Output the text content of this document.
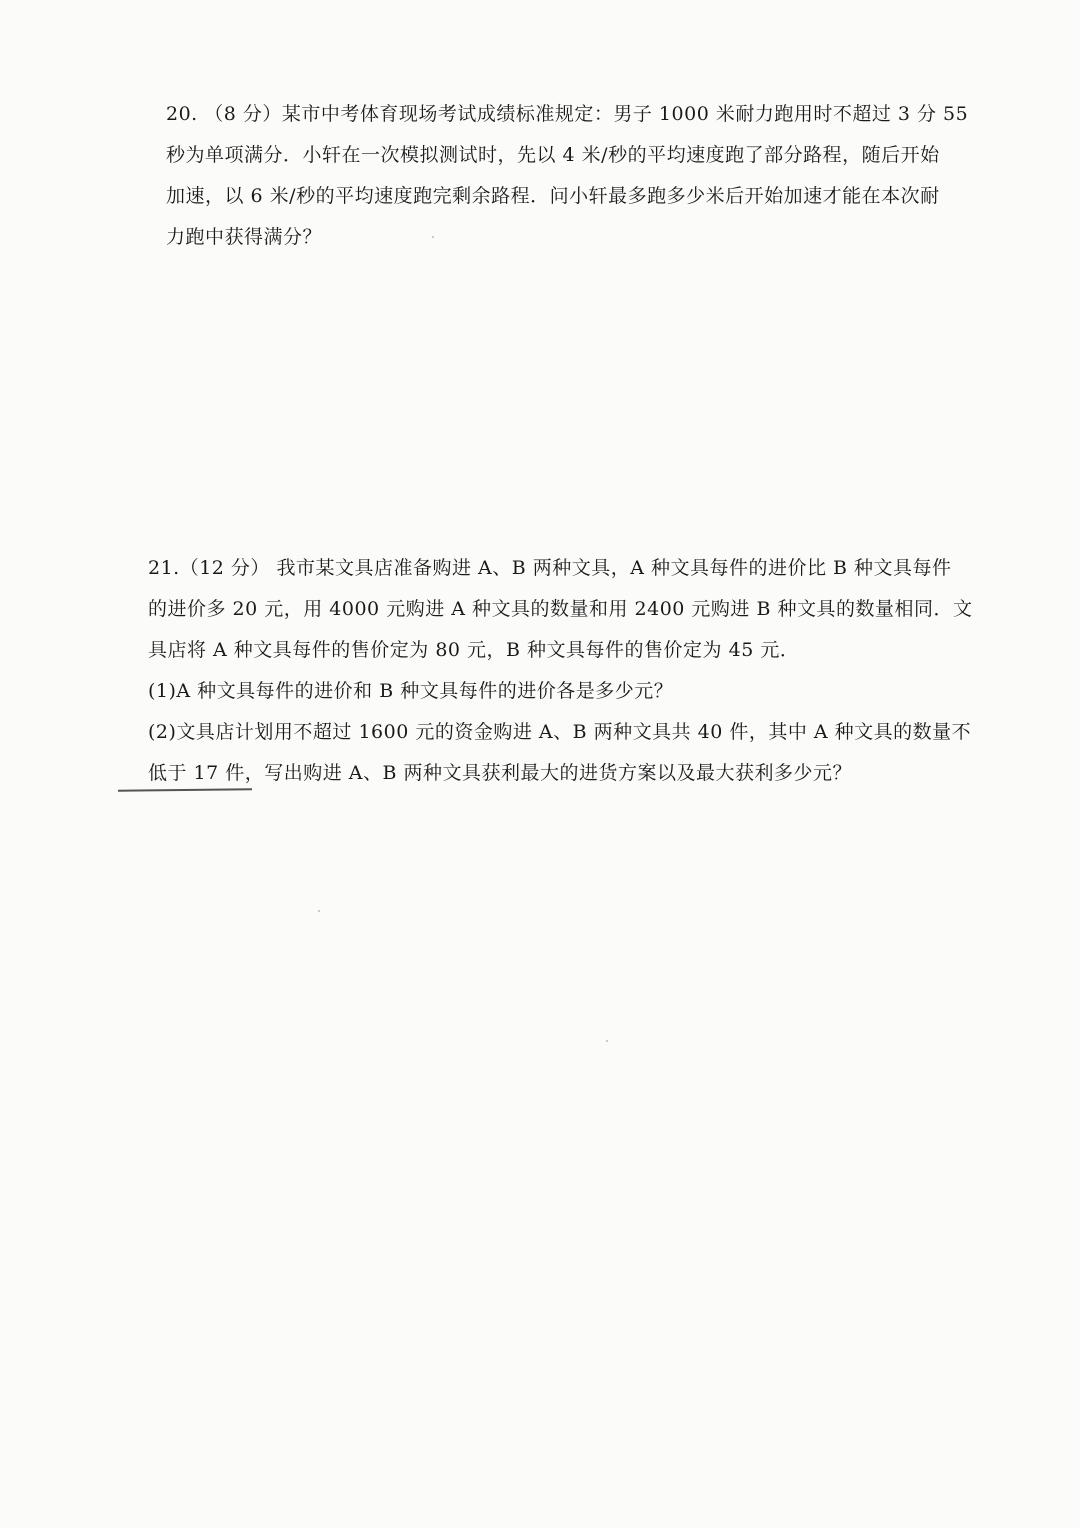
20. （8 分）某市中考体育现场考试成绩标准规定：男子 1000 米耐力跑用时不超过 3 分 55
秒为单项满分．小轩在一次模拟测试时，先以 4 米/秒的平均速度跑了部分路程，随后开始
加速，以 6 米/秒的平均速度跑完剩余路程．问小轩最多跑多少米后开始加速才能在本次耐
力跑中获得满分？
21.（12 分） 我市某文具店准备购进 A、B 两种文具，A 种文具每件的进价比 B 种文具每件
的进价多 20 元，用 4000 元购进 A 种文具的数量和用 2400 元购进 B 种文具的数量相同．文
具店将 A 种文具每件的售价定为 80 元，B 种文具每件的售价定为 45 元．
(1)A 种文具每件的进价和 B 种文具每件的进价各是多少元？
(2)文具店计划用不超过 1600 元的资金购进 A、B 两种文具共 40 件，其中 A 种文具的数量不
低于 17 件，写出购进 A、B 两种文具获利最大的进货方案以及最大获利多少元？
